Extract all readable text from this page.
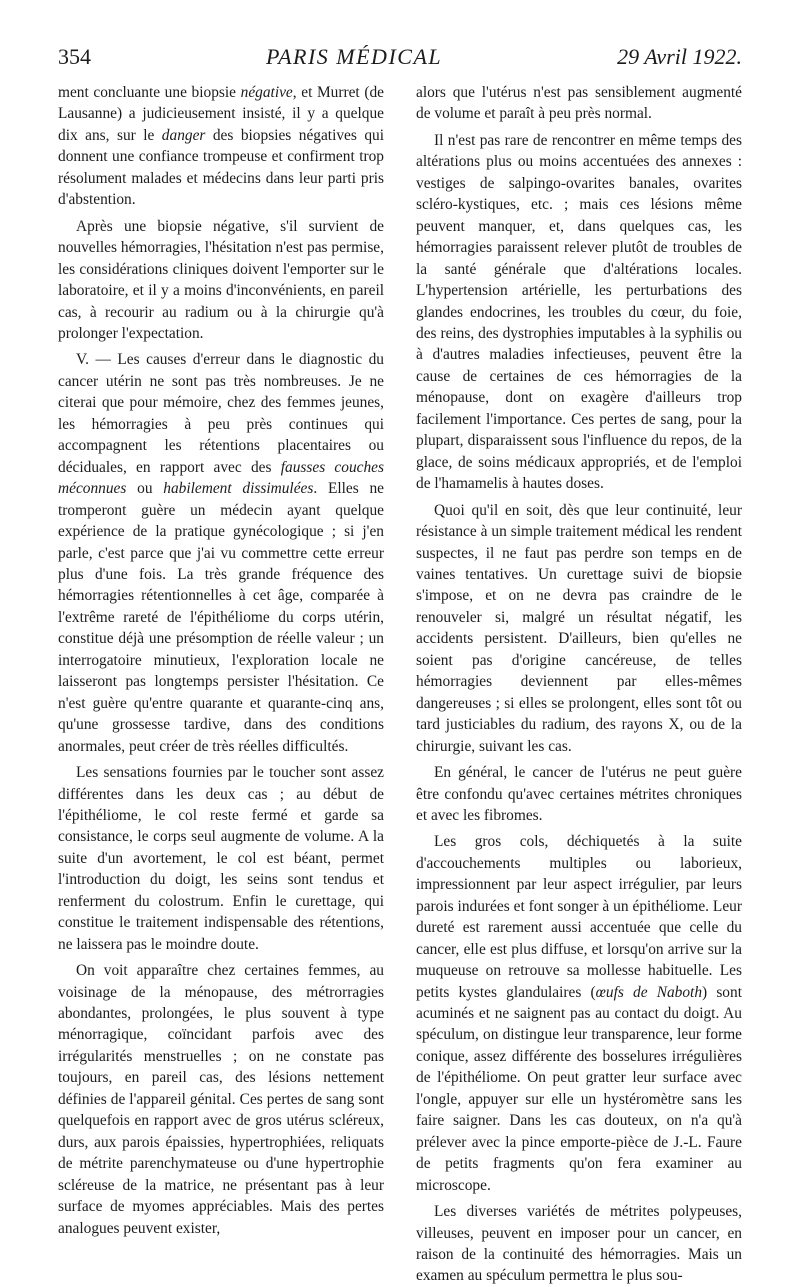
354	PARIS MÉDICAL	29 Avril 1922.

ment concluante une biopsie négative, et Murret (de Lausanne) a judicieusement insisté, il y a quelque dix ans, sur le danger des biopsies négatives qui donnent une confiance trompeuse et confirment trop résolument malades et médecins dans leur parti pris d'abstention.

Après une biopsie négative, s'il survient de nouvelles hémorragies, l'hésitation n'est pas permise, les considérations cliniques doivent l'emporter sur le laboratoire, et il y a moins d'inconvénients, en pareil cas, à recourir au radium ou à la chirurgie qu'à prolonger l'expectation.

V. — Les causes d'erreur dans le diagnostic du cancer utérin ne sont pas très nombreuses. Je ne citerai que pour mémoire, chez des femmes jeunes, les hémorragies à peu près continues qui accompagnent les rétentions placentaires ou déciduales, en rapport avec des fausses couches méconnues ou habilement dissimulées. Elles ne tromperont guère un médecin ayant quelque expérience de la pratique gynécologique ; si j'en parle, c'est parce que j'ai vu commettre cette erreur plus d'une fois. La très grande fréquence des hémorragies rétentionnelles à cet âge, comparée à l'extrême rareté de l'épithéliome du corps utérin, constitue déjà une présomption de réelle valeur ; un interrogatoire minutieux, l'exploration locale ne laisseront pas longtemps persister l'hésitation. Ce n'est guère qu'entre quarante et quarante-cinq ans, qu'une grossesse tardive, dans des conditions anormales, peut créer de très réelles difficultés.

Les sensations fournies par le toucher sont assez différentes dans les deux cas ; au début de l'épithéliome, le col reste fermé et garde sa consistance, le corps seul augmente de volume. A la suite d'un avortement, le col est béant, permet l'introduction du doigt, les seins sont tendus et renferment du colostrum. Enfin le curettage, qui constitue le traitement indispensable des rétentions, ne laissera pas le moindre doute.

On voit apparaître chez certaines femmes, au voisinage de la ménopause, des métrorragies abondantes, prolongées, le plus souvent à type ménorragique, coïncidant parfois avec des irrégularités menstruelles ; on ne constate pas toujours, en pareil cas, des lésions nettement définies de l'appareil génital. Ces pertes de sang sont quelquefois en rapport avec de gros utérus scléreux, durs, aux parois épaissies, hypertrophiées, reliquats de métrite parenchymateuse ou d'une hypertrophie scléreuse de la matrice, ne présentant pas à leur surface de myomes appréciables. Mais des pertes analogues peuvent exister,

alors que l'utérus n'est pas sensiblement augmenté de volume et paraît à peu près normal.

Il n'est pas rare de rencontrer en même temps des altérations plus ou moins accentuées des annexes : vestiges de salpingo-ovarites banales, ovarites scléro-kystiques, etc. ; mais ces lésions même peuvent manquer, et, dans quelques cas, les hémorragies paraissent relever plutôt de troubles de la santé générale que d'altérations locales. L'hypertension artérielle, les perturbations des glandes endocrines, les troubles du cœur, du foie, des reins, des dystrophies imputables à la syphilis ou à d'autres maladies infectieuses, peuvent être la cause de certaines de ces hémorragies de la ménopause, dont on exagère d'ailleurs trop facilement l'importance. Ces pertes de sang, pour la plupart, disparaissent sous l'influence du repos, de la glace, de soins médicaux appropriés, et de l'emploi de l'hamamelis à hautes doses.

Quoi qu'il en soit, dès que leur continuité, leur résistance à un simple traitement médical les rendent suspectes, il ne faut pas perdre son temps en de vaines tentatives. Un curettage suivi de biopsie s'impose, et on ne devra pas craindre de le renouveler si, malgré un résultat négatif, les accidents persistent. D'ailleurs, bien qu'elles ne soient pas d'origine cancéreuse, de telles hémorragies deviennent par elles-mêmes dangereuses ; si elles se prolongent, elles sont tôt ou tard justiciables du radium, des rayons X, ou de la chirurgie, suivant les cas.

En général, le cancer de l'utérus ne peut guère être confondu qu'avec certaines métrites chroniques et avec les fibromes.

Les gros cols, déchiquetés à la suite d'accouchements multiples ou laborieux, impressionnent par leur aspect irrégulier, par leurs parois indurées et font songer à un épithéliome. Leur dureté est rarement aussi accentuée que celle du cancer, elle est plus diffuse, et lorsqu'on arrive sur la muqueuse on retrouve sa mollesse habituelle. Les petits kystes glandulaires (œufs de Naboth) sont acuminés et ne saignent pas au contact du doigt. Au spéculum, on distingue leur transparence, leur forme conique, assez différente des bosselures irrégulières de l'épithéliome. On peut gratter leur surface avec l'ongle, appuyer sur elle un hystéromètre sans les faire saigner. Dans les cas douteux, on n'a qu'à prélever avec la pince emporte-pièce de J.-L. Faure de petits fragments qu'on fera examiner au microscope.

Les diverses variétés de métrites polypeuses, villeuses, peuvent en imposer pour un cancer, en raison de la continuité des hémorragies. Mais un examen au spéculum permettra le plus sou-
